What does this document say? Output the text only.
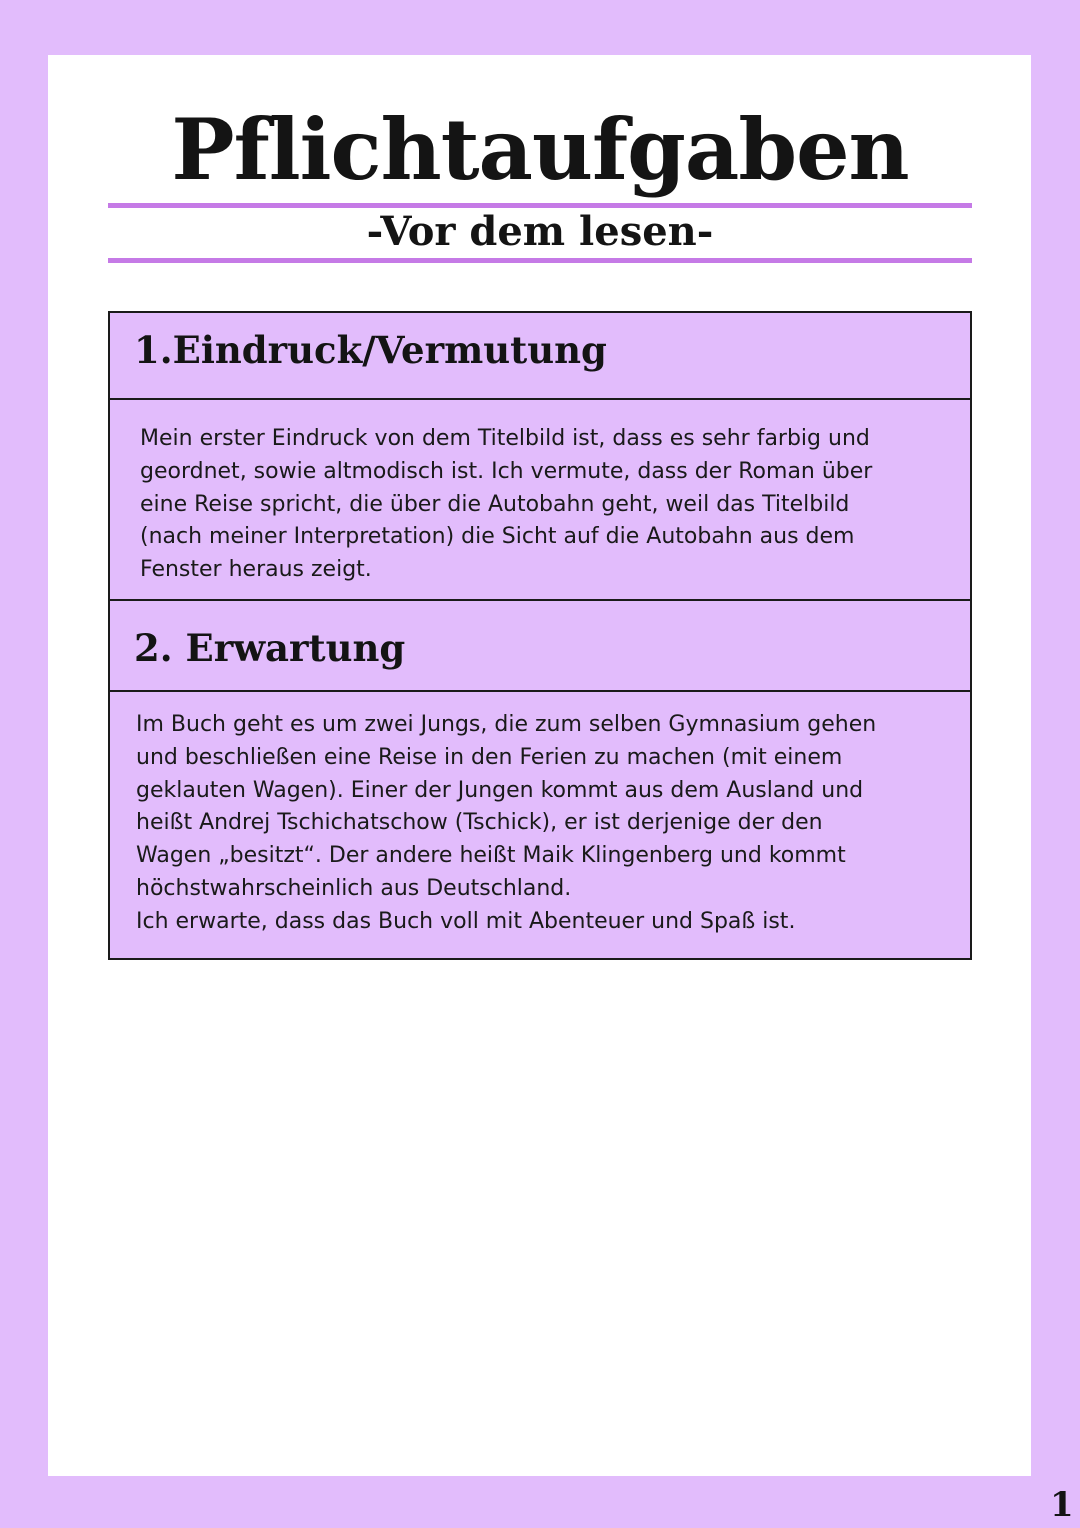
Pflichtaufgaben
-Vor dem lesen-
1.Eindruck/Vermutung

Mein erster Eindruck von dem Titelbild ist, dass es sehr farbig und
geordnet, sowie altmodisch ist. Ich vermute, dass der Roman über
eine Reise spricht, die über die Autobahn geht, weil das Titelbild
(nach meiner Interpretation) die Sicht auf die Autobahn aus dem
Fenster heraus zeigt.

2. Erwartung

Im Buch geht es um zwei Jungs, die zum selben Gymnasium gehen
und beschließen eine Reise in den Ferien zu machen (mit einem
geklauten Wagen). Einer der Jungen kommt aus dem Ausland und
heißt Andrej Tschichatschow (Tschick), er ist derjenige der den
Wagen „besitzt“. Der andere heißt Maik Klingenberg und kommt
höchstwahrscheinlich aus Deutschland.
Ich erwarte, dass das Buch voll mit Abenteuer und Spaß ist.

1
